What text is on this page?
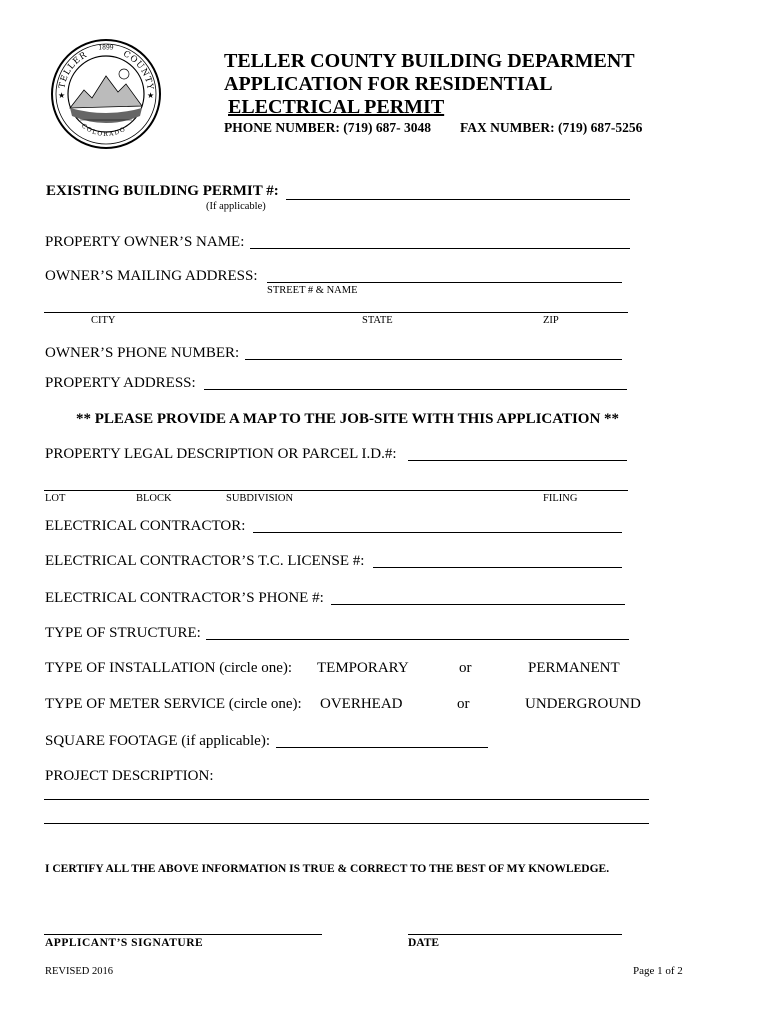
TELLER	COUNTY
COLORADO
1899
★	★
TELLER COUNTY BUILDING DEPARMENT
APPLICATION FOR RESIDENTIAL
ELECTRICAL PERMIT
PHONE NUMBER: (719) 687- 3048 FAX NUMBER: (719) 687-5256
EXISTING BUILDING PERMIT #:
(If applicable)
PROPERTY OWNER’S NAME:
OWNER’S MAILING ADDRESS:
STREET # & NAME
CITY	STATE	ZIP
OWNER’S PHONE NUMBER:
PROPERTY ADDRESS:
** PLEASE PROVIDE A MAP TO THE JOB-SITE WITH THIS APPLICATION **
PROPERTY LEGAL DESCRIPTION OR PARCEL I.D.#:
LOT	BLOCK	SUBDIVISION	FILING
ELECTRICAL CONTRACTOR:
ELECTRICAL CONTRACTOR’S T.C. LICENSE #:
ELECTRICAL CONTRACTOR’S PHONE #:
TYPE OF STRUCTURE:
TYPE OF INSTALLATION (circle one): TEMPORARY	or	PERMANENT
TYPE OF METER SERVICE (circle one): OVERHEAD	or	UNDERGROUND
SQUARE FOOTAGE (if applicable):
PROJECT DESCRIPTION:
I CERTIFY ALL THE ABOVE INFORMATION IS TRUE & CORRECT TO THE BEST OF MY KNOWLEDGE.
APPLICANT’S SIGNATURE	DATE
REVISED 2016	Page 1 of 2
